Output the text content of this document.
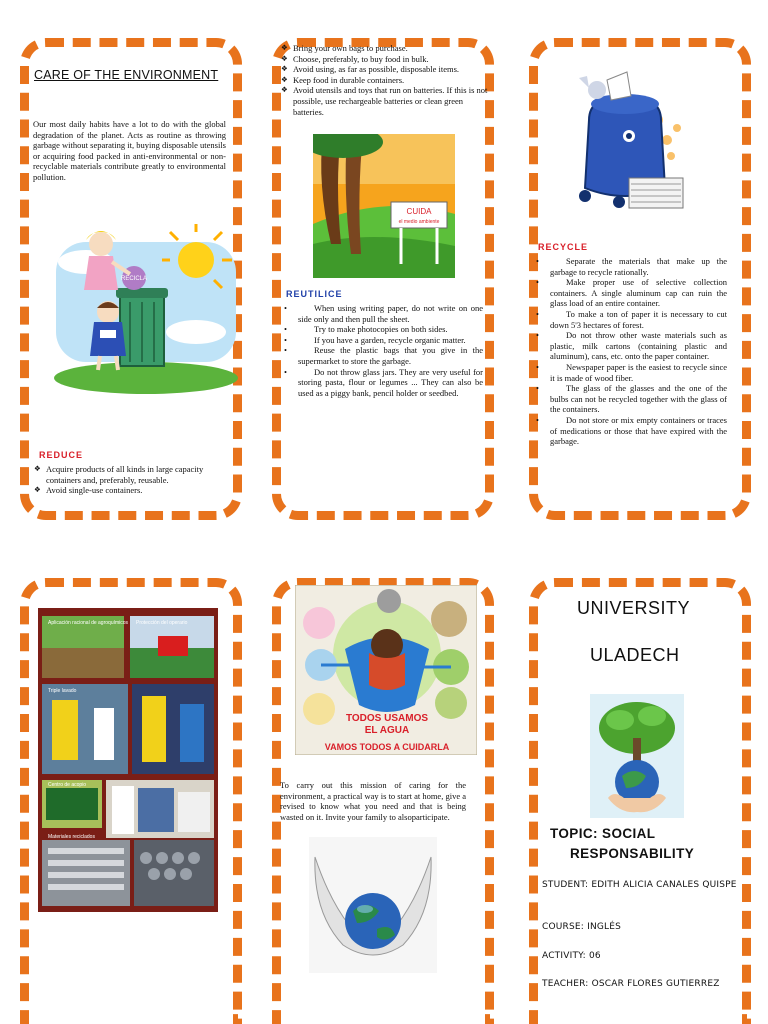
CARE OF THE ENVIRONMENT
Our most daily habits have a lot to do with the global degradation of the planet. Acts as routine as throwing garbage without separating it, buying disposable utensils or acquiring food packed in anti-environmental or non-recyclable materials contribute greatly to environmental pollution.
RECICLA
REDUCE
❖ Acquire products of all kinds in large capacity containers and, preferably, reusable.
❖ Avoid single-use containers.
❖ Bring your own bags to purchase.
❖ Choose, preferably, to buy food in bulk.
❖ Avoid using, as far as possible, disposable items.
❖ Keep food in durable containers.
❖ Avoid utensils and toys that run on batteries. If this is not possible, use rechargeable batteries or clean green batteries.
CUIDA
el medio ambiente
REUTILICE
• When using writing paper, do not write on one side only and then pull the sheet.
• Try to make photocopies on both sides.
• If you have a garden, recycle organic matter.
• Reuse the plastic bags that you give in the supermarket to store the garbage.
• Do not throw glass jars. They are very useful for storing pasta, flour or legumes ... They can also be used as a piggy bank, pencil holder or seedbed.
RECYCLE
• Separate the materials that make up the garbage to recycle rationally.
• Make proper use of selective collection containers. A single aluminum cap can ruin the glass load of an entire container.
• To make a ton of paper it is necessary to cut down 5'3 hectares of forest.
• Do not throw other waste materials such as plastic, milk cartons (containing plastic and aluminum), cans, etc. onto the paper container.
• Newspaper paper is the easiest to recycle since it is made of wood fiber.
• The glass of the glasses and the one of the bulbs can not be recycled together with the glass of the containers.
• Do not store or mix empty containers or traces of medications or those that have expired with the garbage.
Aplicación racional de agroquímicos Protección del operario
Triple lavado
Centro de acopio
Materiales reciclados
TODOS USAMOS
EL AGUA
VAMOS TODOS A CUIDARLA
To carry out this mission of caring for the environment, a practical way is to start at home, give a revised to know what you need and that is being wasted on it. Invite your family to alsoparticipate.
UNIVERSITY
ULADECH
TOPIC: SOCIAL
RESPONSABILITY
STUDENT: EDITH ALICIA CANALES QUISPE
COURSE: INGLÉS
ACTIVITY: 06
TEACHER: OSCAR FLORES GUTIERREZ
